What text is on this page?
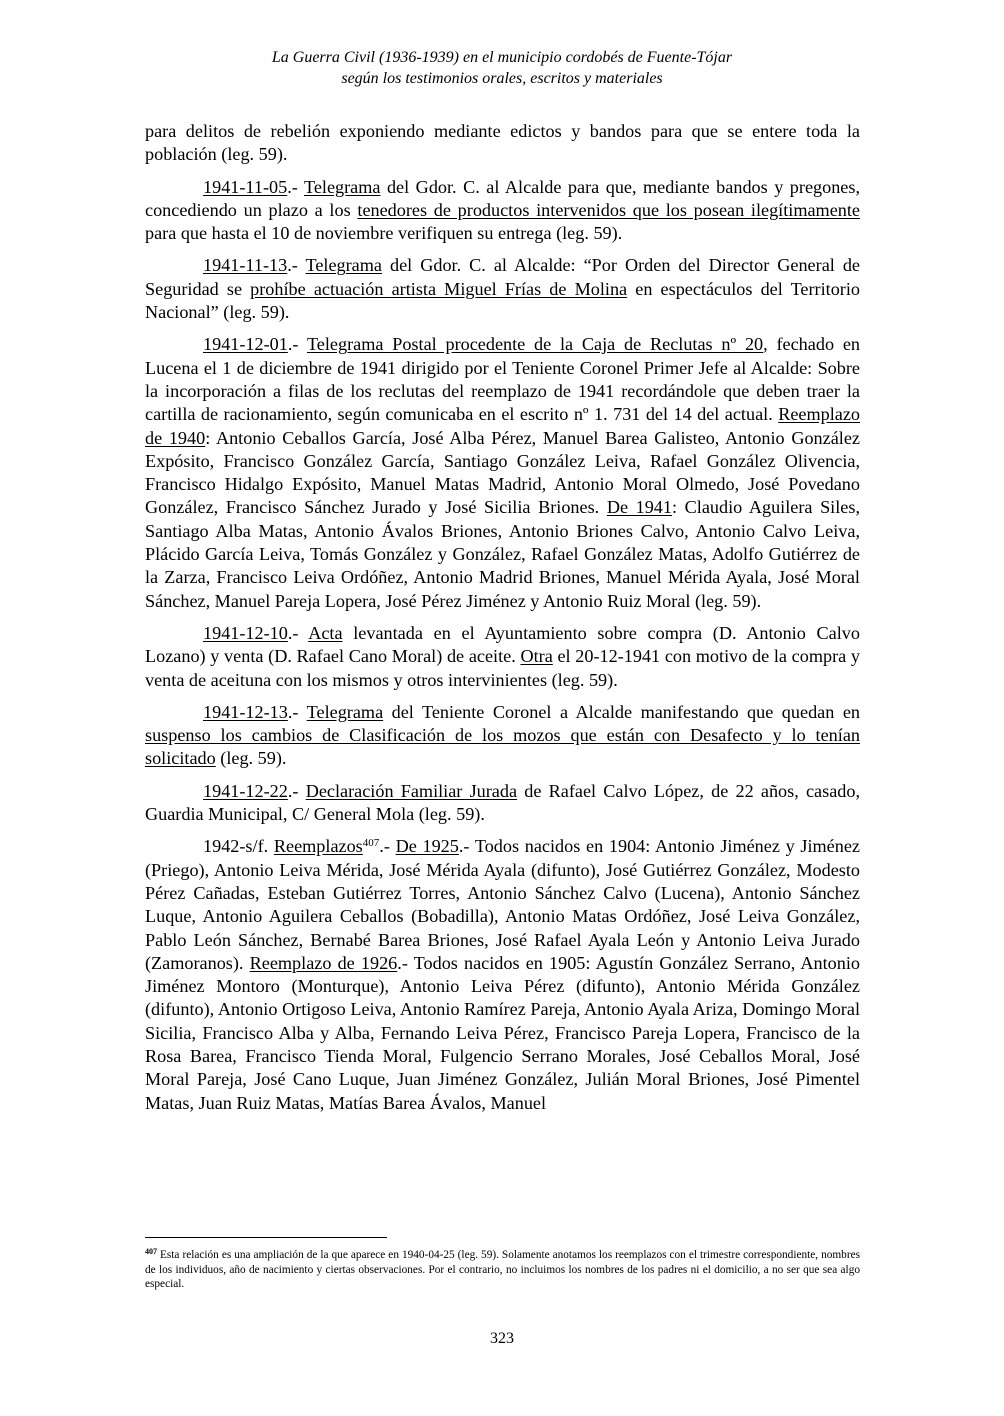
La Guerra Civil (1936-1939) en el municipio cordobés de Fuente-Tójar
según los testimonios orales, escritos y materiales

para delitos de rebelión exponiendo mediante edictos y bandos para que se entere toda la población (leg. 59).

1941-11-05.- Telegrama del Gdor. C. al Alcalde para que, mediante bandos y pregones, concediendo un plazo a los tenedores de productos intervenidos que los posean ilegítimamente para que hasta el 10 de noviembre verifiquen su entrega (leg. 59).

1941-11-13.- Telegrama del Gdor. C. al Alcalde: “Por Orden del Director General de Seguridad se prohíbe actuación artista Miguel Frías de Molina en espectáculos del Territorio Nacional” (leg. 59).

1941-12-01.- Telegrama Postal procedente de la Caja de Reclutas nº 20, fechado en Lucena el 1 de diciembre de 1941 dirigido por el Teniente Coronel Primer Jefe al Alcalde: Sobre la incorporación a filas de los reclutas del reemplazo de 1941 recordándole que deben traer la cartilla de racionamiento, según comunicaba en el escrito nº 1. 731 del 14 del actual. Reemplazo de 1940: Antonio Ceballos García, José Alba Pérez, Manuel Barea Galisteo, Antonio González Expósito, Francisco González García, Santiago González Leiva, Rafael González Olivencia, Francisco Hidalgo Expósito, Manuel Matas Madrid, Antonio Moral Olmedo, José Povedano González, Francisco Sánchez Jurado y José Sicilia Briones. De 1941: Claudio Aguilera Siles, Santiago Alba Matas, Antonio Ávalos Briones, Antonio Briones Calvo, Antonio Calvo Leiva, Plácido García Leiva, Tomás González y González, Rafael González Matas, Adolfo Gutiérrez de la Zarza, Francisco Leiva Ordóñez, Antonio Madrid Briones, Manuel Mérida Ayala, José Moral Sánchez, Manuel Pareja Lopera, José Pérez Jiménez y Antonio Ruiz Moral (leg. 59).

1941-12-10.- Acta levantada en el Ayuntamiento sobre compra (D. Antonio Calvo Lozano) y venta (D. Rafael Cano Moral) de aceite. Otra el 20-12-1941 con motivo de la compra y venta de aceituna con los mismos y otros intervinientes (leg. 59).

1941-12-13.- Telegrama del Teniente Coronel a Alcalde manifestando que quedan en suspenso los cambios de Clasificación de los mozos que están con Desafecto y lo tenían solicitado (leg. 59).

1941-12-22.- Declaración Familiar Jurada de Rafael Calvo López, de 22 años, casado, Guardia Municipal, C/ General Mola (leg. 59).

1942-s/f. Reemplazos$^{407}$.- De 1925.- Todos nacidos en 1904: Antonio Jiménez y Jiménez (Priego), Antonio Leiva Mérida, José Mérida Ayala (difunto), José Gutiérrez González, Modesto Pérez Cañadas, Esteban Gutiérrez Torres, Antonio Sánchez Calvo (Lucena), Antonio Sánchez Luque, Antonio Aguilera Ceballos (Bobadilla), Antonio Matas Ordóñez, José Leiva González, Pablo León Sánchez, Bernabé Barea Briones, José Rafael Ayala León y Antonio Leiva Jurado (Zamoranos). Reemplazo de 1926.- Todos nacidos en 1905: Agustín González Serrano, Antonio Jiménez Montoro (Monturque), Antonio Leiva Pérez (difunto), Antonio Mérida González (difunto), Antonio Ortigoso Leiva, Antonio Ramírez Pareja, Antonio Ayala Ariza, Domingo Moral Sicilia, Francisco Alba y Alba, Fernando Leiva Pérez, Francisco Pareja Lopera, Francisco de la Rosa Barea, Francisco Tienda Moral, Fulgencio Serrano Morales, José Ceballos Moral, José Moral Pareja, José Cano Luque, Juan Jiménez González, Julián Moral Briones, José Pimentel Matas, Juan Ruiz Matas, Matías Barea Ávalos, Manuel

$^{407}$ Esta relación es una ampliación de la que aparece en 1940-04-25 (leg. 59). Solamente anotamos los reemplazos con el trimestre correspondiente, nombres de los individuos, año de nacimiento y ciertas observaciones. Por el contrario, no incluimos los nombres de los padres ni el domicilio, a no ser que sea algo especial.
323
